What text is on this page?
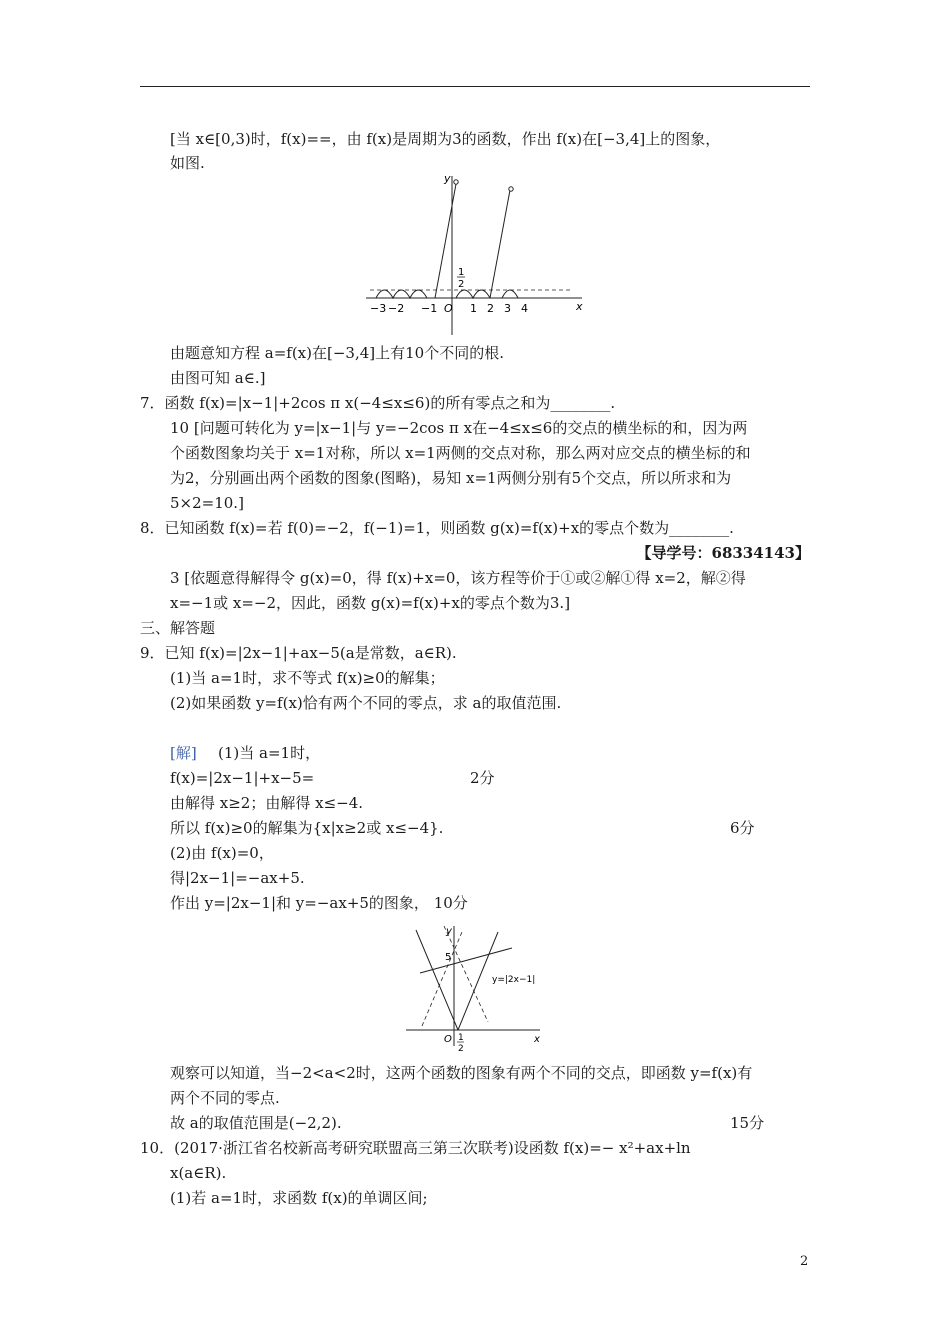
[当 x∈[0,3)时，f(x)==，由 f(x)是周期为3的函数，作出 f(x)在[−3,4]上的图象，
如图.
y
x
O
1
2
−3 −2 −1	1 2 3 4
由题意知方程 a=f(x)在[−3,4]上有10个不同的根.
由图可知 a∈.]
7．函数 f(x)=|x−1|+2cos π x(−4≤x≤6)的所有零点之和为________.
10 [问题可转化为 y=|x−1|与 y=−2cos π x在−4≤x≤6的交点的横坐标的和，因为两
个函数图象均关于 x=1对称，所以 x=1两侧的交点对称，那么两对应交点的横坐标的和
为2，分别画出两个函数的图象(图略)，易知 x=1两侧分别有5个交点，所以所求和为
5×2=10.]
8．已知函数 f(x)=若 f(0)=−2，f(−1)=1，则函数 g(x)=f(x)+x的零点个数为________.
【导学号：68334143】
3 [依题意得解得令 g(x)=0，得 f(x)+x=0，该方程等价于①或②解①得 x=2，解②得
x=−1或 x=−2，因此，函数 g(x)=f(x)+x的零点个数为3.]
三、解答题
9．已知 f(x)=|2x−1|+ax−5(a是常数，a∈R).
(1)当 a=1时，求不等式 f(x)≥0的解集；
(2)如果函数 y=f(x)恰有两个不同的零点，求 a的取值范围.
[解] (1)当 a=1时，
f(x)=|2x−1|+x−5=	2分
由解得 x≥2；由解得 x≤−4.
所以 f(x)≥0的解集为{x|x≥2或 x≤−4}.	6分
(2)由 f(x)=0，
得|2x−1|=−ax+5.
作出 y=|2x−1|和 y=−ax+5的图象， 10分
y
x
O
5
1
2
y=|2x−1|
观察可以知道，当−2<a<2时，这两个函数的图象有两个不同的交点，即函数 y=f(x)有
两个不同的零点.
故 a的取值范围是(−2,2).	15分
10．(2017·浙江省名校新高考研究联盟高三第三次联考)设函数 f(x)=− x²+ax+ln
x(a∈R).
(1)若 a=1时，求函数 f(x)的单调区间;
2
